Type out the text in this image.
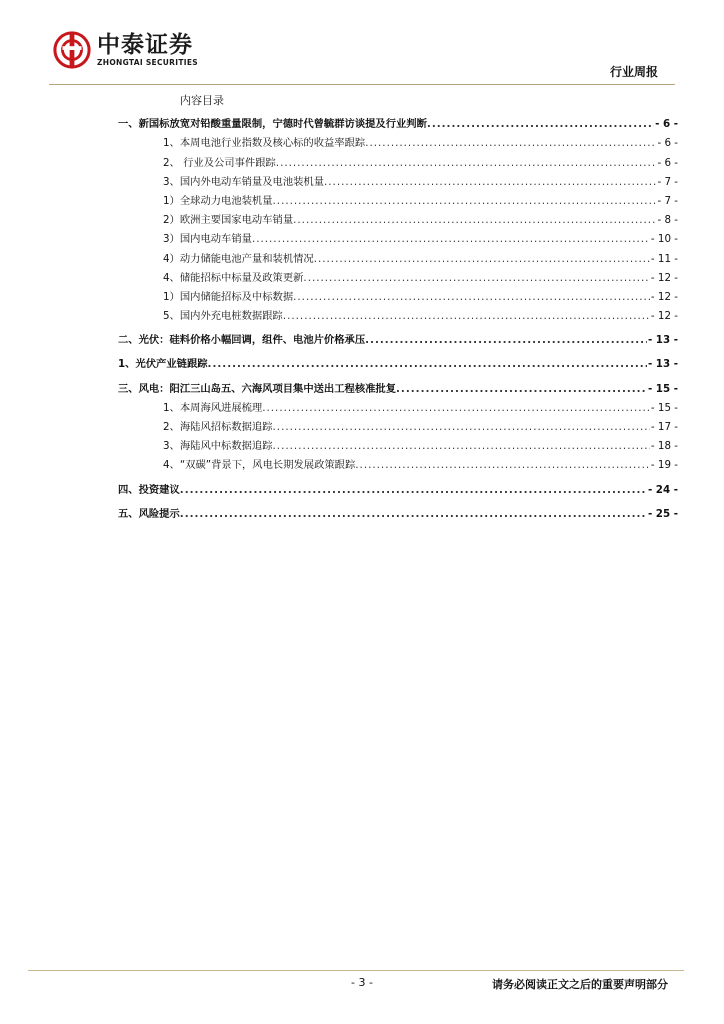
中泰证券
ZHONGTAI SECURITIES
行业周报
内容目录
一、新国标放宽对铅酸重量限制，宁德时代曾毓群访谈提及行业判断 .....	- 6 -
1、本周电池行业指数及核心标的收益率跟踪 .....	- 6 -
2、 行业及公司事件跟踪 .....	- 6 -
3、国内外电动车销量及电池装机量 .....	- 7 -
1）全球动力电池装机量 .....	- 7 -
2）欧洲主要国家电动车销量 .....	- 8 -
3）国内电动车销量 .....	- 10 -
4）动力储能电池产量和装机情况 .....	- 11 -
4、储能招标中标量及政策更新 .....	- 12 -
1）国内储能招标及中标数据 .....	- 12 -
5、国内外充电桩数据跟踪 .....	- 12 -
二、光伏：硅料价格小幅回调，组件、电池片价格承压 .....	- 13 -
1、光伏产业链跟踪 .....	- 13 -
三、风电：阳江三山岛五、六海风项目集中送出工程核准批复 .....	- 15 -
1、本周海风进展梳理 .....	- 15 -
2、海陆风招标数据追踪 .....	- 17 -
3、海陆风中标数据追踪 .....	- 18 -
4、“双碳”背景下，风电长期发展政策跟踪 .....	- 19 -
四、投资建议 .....	- 24 -
五、风险提示 .....	- 25 -
- 3 -	请务必阅读正文之后的重要声明部分
